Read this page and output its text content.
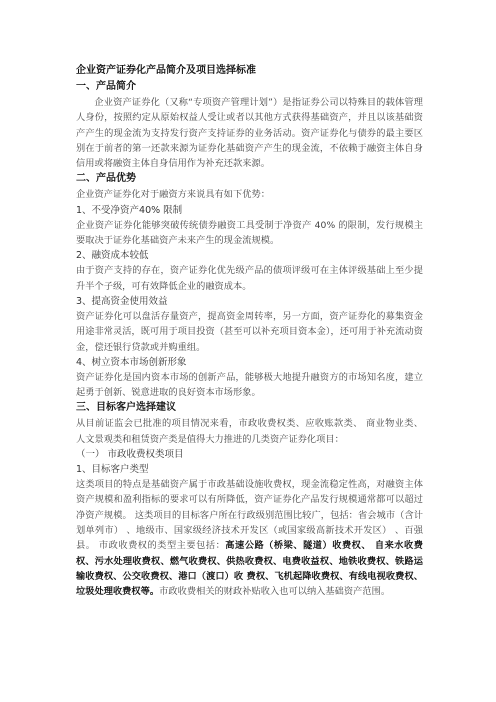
企业资产证券化产品简介及项目选择标准
一、产品简介
企业资产证券化（又称“专项资产管理计划”）是指证券公司以特殊目的载体管理人身份，按照约定从原始权益人受让或者以其他方式获得基础资产，并且以该基础资产产生的现金流为支持发行资产支持证券的业务活动。资产证券化与债券的最主要区别在于前者的第一还款来源为证券化基础资产产生的现金流，不依赖于融资主体自身信用或将融资主体自身信用作为补充还款来源。
二、产品优势
企业资产证券化对于融资方来说具有如下优势：
1、不受净资产40% 限制
企业资产证券化能够突破传统债券融资工具受制于净资产 40% 的限制，发行规模主要取决于证券化基础资产未来产生的现金流规模。
2、融资成本较低
由于资产支持的存在，资产证券化优先级产品的债项评级可在主体评级基础上至少提升半个子级，可有效降低企业的融资成本。
3、提高资金使用效益
资产证券化可以盘活存量资产，提高资金周转率，另一方面，资产证券化的募集资金用途非常灵活，既可用于项目投资（甚至可以补充项目资本金），还可用于补充流动资金，偿还银行贷款或并购重组。
4、树立资本市场创新形象
资产证券化是国内资本市场的创新产品，能够极大地提升融资方的市场知名度，建立起勇于创新、锐意进取的良好资本市场形象。
三、目标客户选择建议
从目前证监会已批准的项目情况来看，市政收费权类、应收账款类、 商业物业类、 人文景观类和租赁资产类是值得大力推进的几类资产证券化项目：
（一） 市政收费权类项目
1、目标客户类型
这类项目的特点是基础资产属于市政基础设施收费权，现金流稳定性高，对融资主体资产规模和盈利指标的要求可以有所降低，资产证券化产品发行规模通常都可以超过净资产规模。 这类项目的目标客户所在行政级别范围比较广，包括：省会城市（含计划单列市） 、地级市、国家级经济技术开发区（或国家级高新技术开发区） 、百强县。 市政收费权的类型主要包括：高速公路（桥梁、隧道）收费权、 自来水收费权、污水处理收费权、燃气收费权、供热收费权、电费收益权、地铁收费权、铁路运输收费权、公交收费权、港口（渡口）收 费权、飞机起降收费权、有线电视收费权、垃圾处理收费权等。市政收费相关的财政补贴收入也可以纳入基础资产范围。
